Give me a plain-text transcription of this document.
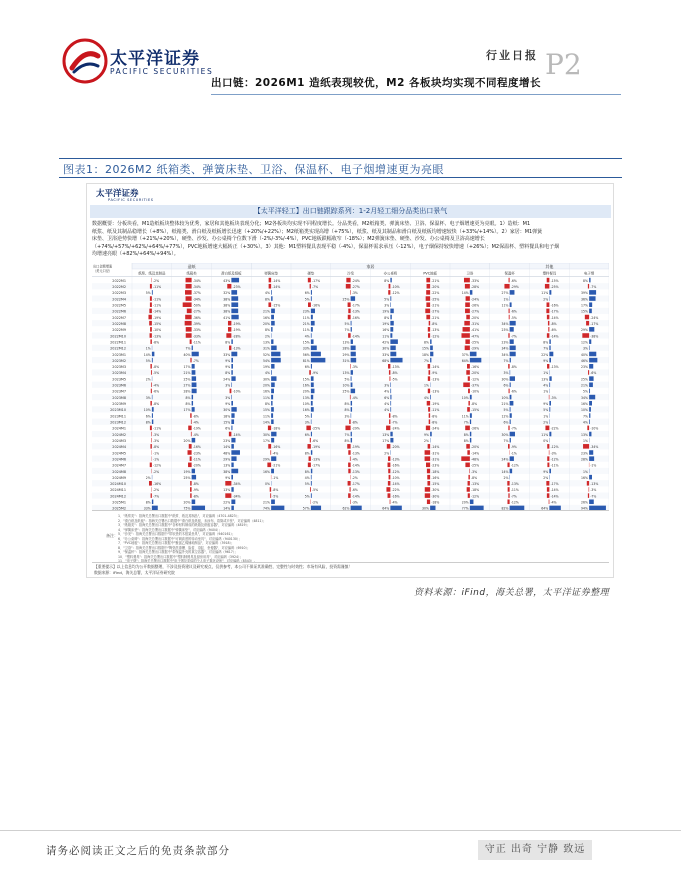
太平洋证券
PACIFIC SECURITIES
行业日报 P2
出口链：2026M1 造纸表现较优，M2 各板块均实现不同程度增长
图表1：2026M2 纸箱类、弹簧床垫、卫浴、保温杯、电子烟增速更为亮眼
太平洋证券
PACIFIC SECURITIES
【太平洋轻工】出口链跟踪系列：1-2月轻工细分品类出口景气
数据概要：分板块看，M1造纸板块整体较为优秀，家居和其他板块表现分化；M2各板块均实现不同程度增长。分品类看，M2纸箱类、弹簧床垫、卫浴、保温杯、电子烟增速更为亮眼。1）造纸：M1
纸浆、纸及其制品稳增长（+8%），纸箱类、滑白纸及纸板增长迅速（+20%/+22%）；M2纸箱类实现高增（+75%），纸浆、纸及其制品和滑白纸及纸板均增速较快（+33%/+14%）。2）家居：M1弹簧
床垫、卫浴逆势快增（+21%/+20%），硬垫、沙发、办公桌椅个位数下滑（-2%/-3%/-4%），PVC地板跌幅收窄（-18%）；M2弹簧床垫、硬垫、沙发、办公桌椅及卫浴高速增长
（+74%/+57%/+62%/+64%/+77%），PVC地板增速大幅转正（+30%）。3）其他：M1塑料餐具表现平稳（-4%），保温杯需求承压（-12%），电子烟保持较快增速（+26%）；M2保温杯、塑料餐具和电子烟
均增速亮眼（+82%/+64%/+94%）。
造纸	家居	其他
出口金额增速
（美元口径）
纸浆、纸及其制品	纸箱类	滑白纸及纸板	弹簧床垫	硬垫	沙发	办公桌椅	PVC地板	卫浴	保温杯	塑料餐具	电子烟
2022M1	-2%	-34%	43%	-14%	-17%	-24%	8%	-21%	-33%	-6%	-15%	8%
2022M2	-11%	-34%	-23%	-14%	-7%	-27%	-10%	-20%	-28%	-29%	-25%	-7%
2022M3	5%	-37%	32%	4%	6%	-3%	-12%	-22%	14%	27%	11%	39%
2022M4	-11%	-34%	38%	8%	5%	25%	5%	-25%	-24%	1%	2%	36%
2022M5	-11%	-50%	38%	-15%	-16%	-17%	3%	-21%	-26%	11%	-16%	17%
2022M6	-14%	-27%	38%	21%	23%	-13%	19%	-27%	-27%	-6%	-17%	15%
2022M7	-19%	-36%	41%	16%	11%	-16%	8%	-21%	-20%	-5%	-14%	-24%
2022M8	-15%	-39%	-19%	20%	21%	5%	19%	-8%	-31%	34%	-8%	-17%
2022M9	-10%	-33%	-19%	8%	11%	7%	16%	-13%	-41%	23%	-6%	29%
2022M10	-13%	-33%	-28%	2%	4%	-14%	11%	-12%	-47%	-7%	-14%	-38%
2022M11	-8%	-11%	8%	13%	15%	13%	42%	8%	-25%	23%	8%	12%
2022M12	1%	7%	-13%	31%	33%	28%	30%	15%	-29%	34%	7%	3%
2023M1	14%	40%	33%	52%	56%	29%	33%	18%	37%	34%	22%	40%
2023M2	5%	-7%	9%	54%	81%	31%	68%	7%	64%	7%	9%	46%
2023M3	-8%	17%	9%	19%	6%	-3%	-13%	-14%	-16%	-8%	-13%	23%
2023M4	-5%	21%	8%	4%	-9%	13%	-8%	-9%	-20%	3%	1%	-6%
2023M5	2%	25%	24%	30%	15%	5%	-5%	-13%	-12%	30%	13%	25%
2023M6	-4%	27%	3%	20%	16%	10%	3%	1%	-37%	6%	4%	21%
2023M7	-6%	28%	-10%	16%	20%	25%	4%	-13%	-10%	-6%	1%	5%
2023M8	3%	8%	3%	11%	13%	-4%	6%	4%	10%	10%	-3%	34%
2023M9	-8%	8%	9%	8%	10%	8%	4%	-19%	-8%	21%	9%	16%
2023M10	10%	17%	30%	15%	16%	8%	4%	-11%	-15%	5%	5%	10%
2023M11	6%	-8%	18%	11%	5%	3%	-8%	-8%	11%	12%	1%	7%
2023M12	8%	-4%	15%	14%	3%	-8%	-7%	-8%	7%	6%	2%	4%
2024M1	-11%	-19%	6%	-18%	-25%	-29%	-24%	-24%	-26%	-7%	-22%	-10%
2024M2	-3%	-4%	-14%	30%	6%	7%	13%	9%	8%	30%	11%	13%
2024M3	-3%	20%	23%	17%	-6%	8%	17%	2%	8%	7%	0%	1%
2024M4	-8%	-16%	14%	-16%	-19%	-19%	-20%	-14%	-20%	-9%	-12%	-34%
2024M5	-1%	-23%	48%	-4%	8%	-13%	2%	-31%	-14%	-1%	-3%	23%
2024M6	-1%	-11%	29%	29%	-13%	-4%	-13%	-31%	-48%	24%	-12%	28%
2024M7	-12%	-20%	13%	-21%	-17%	-14%	-16%	-23%	-25%	-12%	-11%	-1%
2024M8	-2%	19%	38%	16%	8%	-13%	-12%	-18%	-3%	14%	9%	1%
2024M9	2%	25%	9%	-1%	4%	-2%	-10%	-16%	-8%	2%	2%	16%
2024M10	-16%	-8%	-34%	0%	5%	-17%	-14%	-15%	-13%	-13%	-17%	-13%
2024M11	-2%	-9%	13%	-8%	-5%	-6%	-22%	-30%	-18%	-11%	-14%	-3%
2024M12	-7%	-8%	-34%	-5%	5%	-14%	-16%	-30%	-12%	-7%	-14%	-7%
2025M1	8%	20%	22%	21%	-2%	-3%	-4%	-18%	20%	-12%	-4%	26%
2025M2	33%	75%	14%	74%	57%	62%	64%	30%	77%	82%	64%	94%
备注：
1、"纸浆类"：指海关总署出口数据中"纸浆、纸及其制品"，对应编码（4701-4823）；
2、"滑白纸及纸板"：指海关总署出口数据中"滑白纸及纸板，未涂布，卷筒或平张"，对应编码（4811）；
3、"纸箱类"：指海关总署出口数据中"各种材料制成的纸箱及纸板容器"，对应编码（4819）；
4、"弹簧床垫"：指海关总署出口数据中"弹簧床垫"，对应编码（9404）；
5、"沙发"：指海关总署出口数据中"带软垫的木框架坐具"，对应编码（940161）；
6、"办公桌椅"：指海关总署出口数据中"可调高度的转动坐具"，对应编码（940130）；
7、"PVC地板"：指海关总署出口数据中"聚氯乙烯铺地制品"，对应编码（3918）；
8、"卫浴"：指海关总署出口数据中"陶瓷洗涤槽、脸盆、浴缸、坐便器"，对应编码（6910）；
9、"保温杯"：指海关总署出口数据中"带保温外壳的真空容器"，对应编码（9617）；
10、"塑料餐具"：指海关总署出口数据中"塑料制餐具及厨房用具"，对应编码（3924）；
11、"电子烟"：指海关总署出口数据中"电子烟及类似的个人电子雾化设备"，对应编码（8543）。
【重要提示】以上信息均为公开数据整理，不涉及投资建议及研究观点，仅供参考，本公司不保证其准确性、完整性与时效性；市场有风险，投资需谨慎！
数据来源：iFind，海关总署，太平洋证券研究院
资料来源：iFind，海关总署，太平洋证券整理
请务必阅读正文之后的免责条款部分	守正 出奇 宁静 致远
